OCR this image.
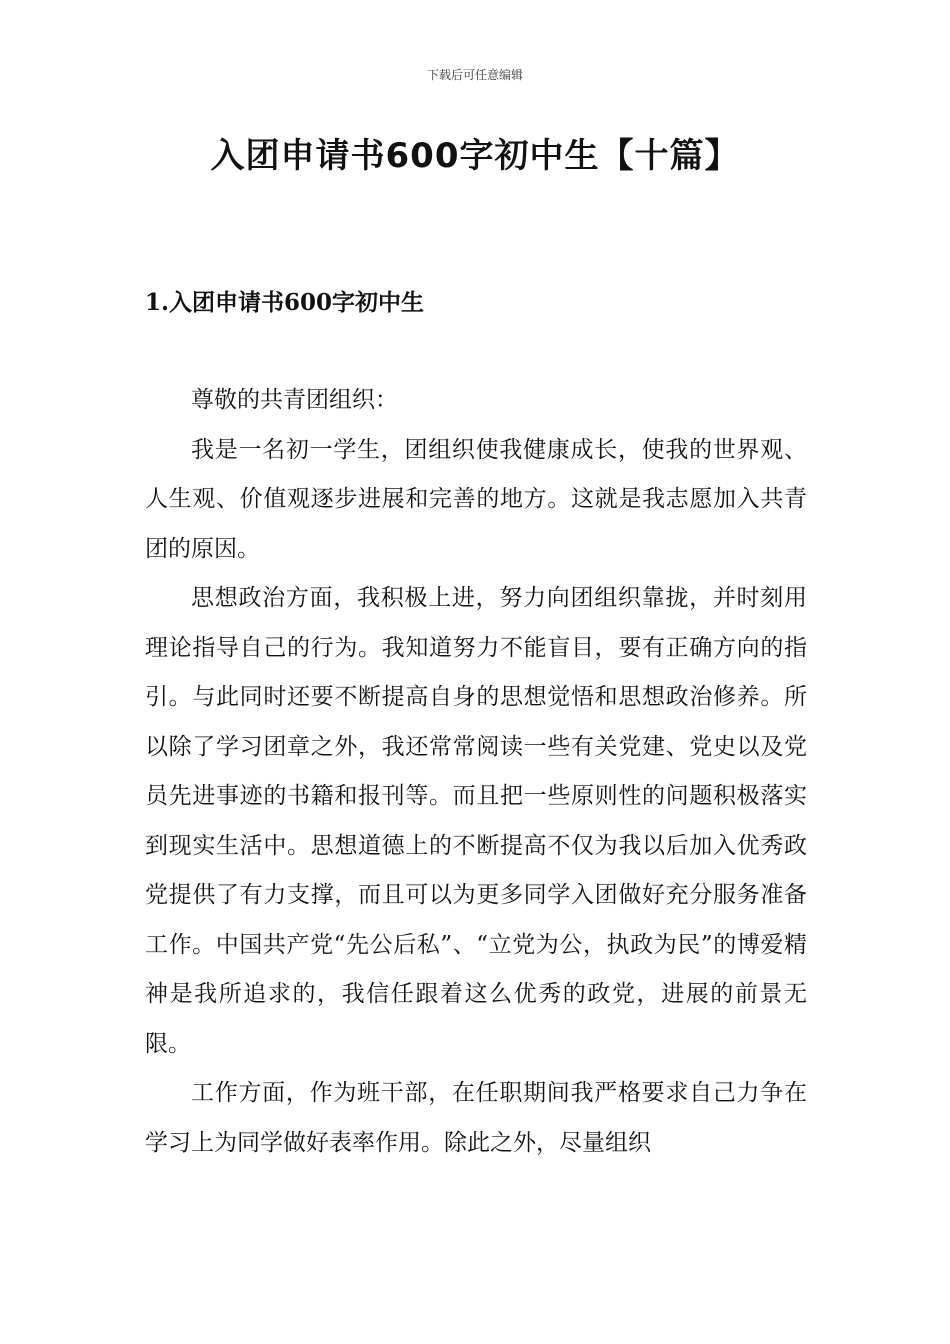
下载后可任意编辑
入团申请书600字初中生【十篇】
1.入团申请书600字初中生

尊敬的共青团组织：

我是一名初一学生，团组织使我健康成长，使我的世界观、人生观、价值观逐步进展和完善的地方。这就是我志愿加入共青团的原因。

思想政治方面，我积极上进，努力向团组织靠拢，并时刻用理论指导自己的行为。我知道努力不能盲目，要有正确方向的指引。与此同时还要不断提高自身的思想觉悟和思想政治修养。所以除了学习团章之外，我还常常阅读一些有关党建、党史以及党员先进事迹的书籍和报刊等。而且把一些原则性的问题积极落实到现实生活中。思想道德上的不断提高不仅为我以后加入优秀政党提供了有力支撑，而且可以为更多同学入团做好充分服务准备工作。中国共产党“先公后私”、“立党为公，执政为民”的博爱精神是我所追求的，我信任跟着这么优秀的政党，进展的前景无限。

工作方面，作为班干部，在任职期间我严格要求自己力争在学习上为同学做好表率作用。除此之外，尽量组织
